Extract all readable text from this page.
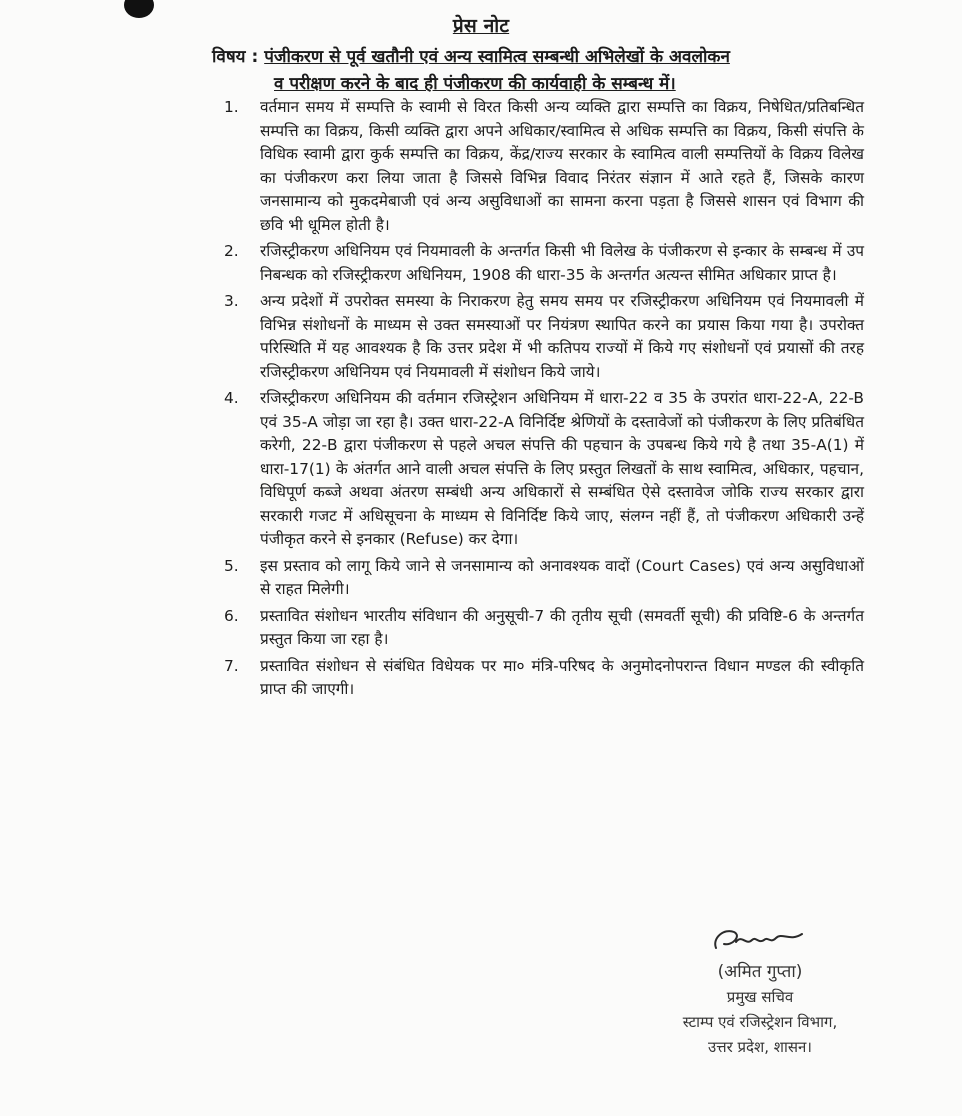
प्रेस नोट
विषय : पंजीकरण से पूर्व खतौनी एवं अन्य स्वामित्व सम्बन्धी अभिलेखों के अवलोकन
व परीक्षण करने के बाद ही पंजीकरण की कार्यवाही के सम्बन्ध में।
1.	वर्तमान समय में सम्पत्ति के स्वामी से विरत किसी अन्य व्यक्ति द्वारा सम्पत्ति का विक्रय, निषेधित/प्रतिबन्धित सम्पत्ति का विक्रय, किसी व्यक्ति द्वारा अपने अधिकार/स्वामित्व से अधिक सम्पत्ति का विक्रय, किसी संपत्ति के विधिक स्वामी द्वारा कुर्क सम्पत्ति का विक्रय, केंद्र/राज्य सरकार के स्वामित्व वाली सम्पत्तियों के विक्रय विलेख का पंजीकरण करा लिया जाता है जिससे विभिन्न विवाद निरंतर संज्ञान में आते रहते हैं, जिसके कारण जनसामान्य को मुकदमेबाजी एवं अन्य असुविधाओं का सामना करना पड़ता है जिससे शासन एवं विभाग की छवि भी धूमिल होती है।
2.	रजिस्ट्रीकरण अधिनियम एवं नियमावली के अन्तर्गत किसी भी विलेख के पंजीकरण से इन्कार के सम्बन्ध में उप निबन्धक को रजिस्ट्रीकरण अधिनियम, 1908 की धारा-35 के अन्तर्गत अत्यन्त सीमित अधिकार प्राप्त है।
3.	अन्य प्रदेशों में उपरोक्त समस्या के निराकरण हेतु समय समय पर रजिस्ट्रीकरण अधिनियम एवं नियमावली में विभिन्न संशोधनों के माध्यम से उक्त समस्याओं पर नियंत्रण स्थापित करने का प्रयास किया गया है। उपरोक्त परिस्थिति में यह आवश्यक है कि उत्तर प्रदेश में भी कतिपय राज्यों में किये गए संशोधनों एवं प्रयासों की तरह रजिस्ट्रीकरण अधिनियम एवं नियमावली में संशोधन किये जाये।
4.	रजिस्ट्रीकरण अधिनियम की वर्तमान रजिस्ट्रेशन अधिनियम में धारा-22 व 35 के उपरांत धारा-22-A, 22-B एवं 35-A जोड़ा जा रहा है। उक्त धारा-22-A विनिर्दिष्ट श्रेणियों के दस्तावेजों को पंजीकरण के लिए प्रतिबंधित करेगी, 22-B द्वारा पंजीकरण से पहले अचल संपत्ति की पहचान के उपबन्ध किये गये है तथा 35-A(1) में धारा-17(1) के अंतर्गत आने वाली अचल संपत्ति के लिए प्रस्तुत लिखतों के साथ स्वामित्व, अधिकार, पहचान, विधिपूर्ण कब्जे अथवा अंतरण सम्बंधी अन्य अधिकारों से सम्बंधित ऐसे दस्तावेज जोकि राज्य सरकार द्वारा सरकारी गजट में अधिसूचना के माध्यम से विनिर्दिष्ट किये जाए, संलग्न नहीं हैं, तो पंजीकरण अधिकारी उन्हें पंजीकृत करने से इनकार (Refuse) कर देगा।
5.	इस प्रस्ताव को लागू किये जाने से जनसामान्य को अनावश्यक वादों (Court Cases) एवं अन्य असुविधाओं से राहत मिलेगी।
6.	प्रस्तावित संशोधन भारतीय संविधान की अनुसूची-7 की तृतीय सूची (समवर्ती सूची) की प्रविष्टि-6 के अन्तर्गत प्रस्तुत किया जा रहा है।
7.	प्रस्तावित संशोधन से संबंधित विधेयक पर मा० मंत्रि-परिषद के अनुमोदनोपरान्त विधान मण्डल की स्वीकृति प्राप्त की जाएगी।
(अमित गुप्ता)
प्रमुख सचिव
स्टाम्प एवं रजिस्ट्रेशन विभाग,
उत्तर प्रदेश, शासन।
